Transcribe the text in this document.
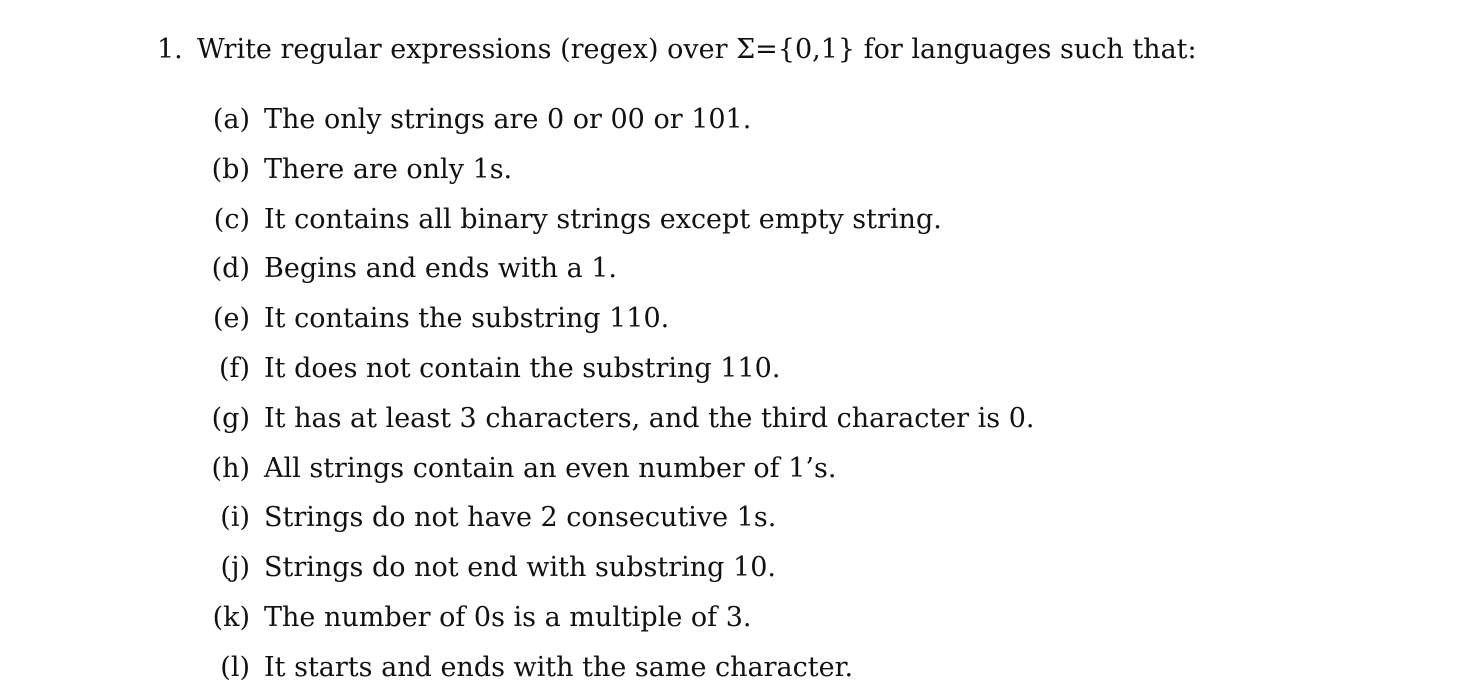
1. Write regular expressions (regex) over Σ={0,1} for languages such that:
(a) The only strings are 0 or 00 or 101.
(b) There are only 1s.
(c) It contains all binary strings except empty string.
(d) Begins and ends with a 1.
(e) It contains the substring 110.
(f) It does not contain the substring 110.
(g) It has at least 3 characters, and the third character is 0.
(h) All strings contain an even number of 1’s.
(i) Strings do not have 2 consecutive 1s.
(j) Strings do not end with substring 10.
(k) The number of 0s is a multiple of 3.
(l) It starts and ends with the same character.
